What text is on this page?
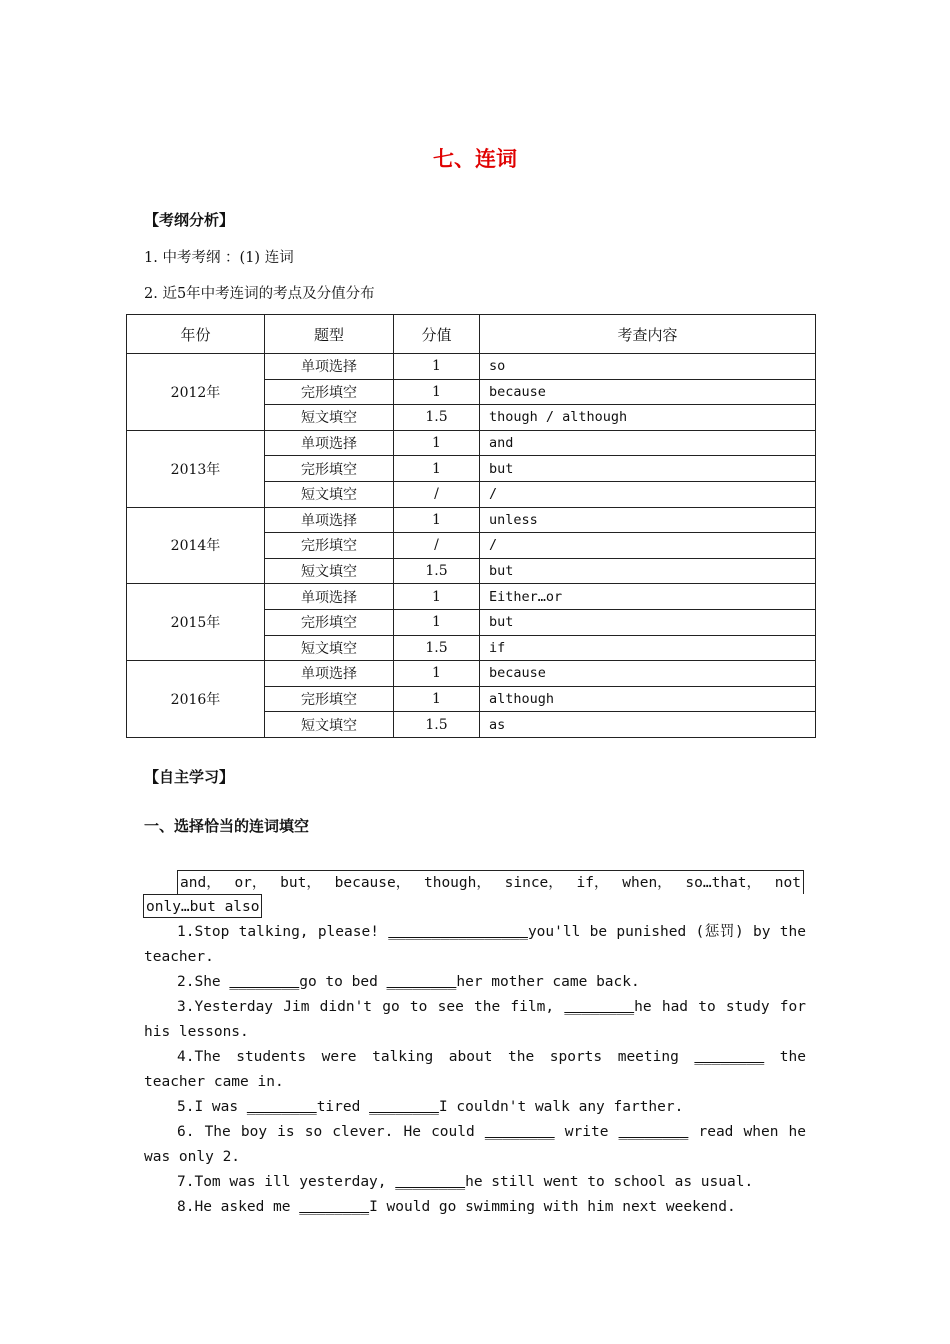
七、连词
【考纲分析】
1. 中考考纲 ：(1) 连词
2. 近5年中考连词的考点及分值分布
年份	题型	分值	考查内容
2012年	单项选择	1	so
	完形填空	1	because
	短文填空	1.5	though / although
2013年	单项选择	1	and
	完形填空	1	but
	短文填空	/	/
2014年	单项选择	1	unless
	完形填空	/	/
	短文填空	1.5	but
2015年	单项选择	1	Either…or
	完形填空	1	but
	短文填空	1.5	if
2016年	单项选择	1	because
	完形填空	1	although
	短文填空	1.5	as
【自主学习】
一、选择恰当的连词填空
and， or， but， because， though， since， if， when， so…that， not
only…but also
1.Stop talking, please! ________________you'll be punished (惩罚) by the teacher.
2.She ________go to bed ________her mother came back.
3.Yesterday Jim didn't go to see the film, ________he had to study for his lessons.
4.The students were talking about the sports meeting ________ the teacher came in.
5.I was ________tired ________I couldn't walk any farther.
6. The boy is so clever. He could ________ write ________ read when he was only 2.
7.Tom was ill yesterday, ________he still went to school as usual.
8.He asked me ________I would go swimming with him next weekend.
